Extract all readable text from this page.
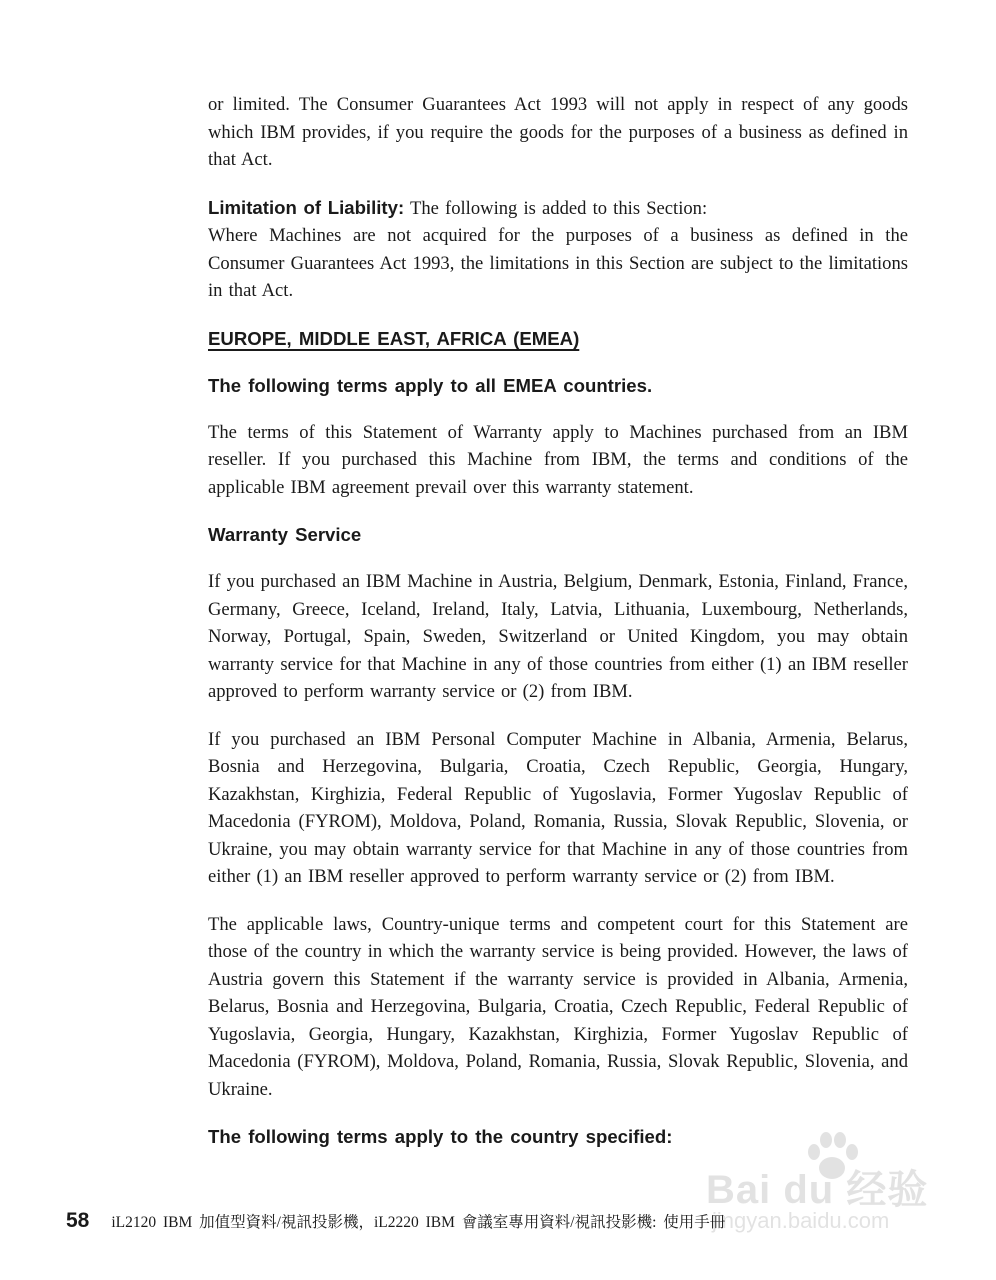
or limited. The Consumer Guarantees Act 1993 will not apply in respect of any goods which IBM provides, if you require the goods for the purposes of a business as defined in that Act.

Limitation of Liability: The following is added to this Section:

Where Machines are not acquired for the purposes of a business as defined in the Consumer Guarantees Act 1993, the limitations in this Section are subject to the limitations in that Act.

EUROPE, MIDDLE EAST, AFRICA (EMEA)

The following terms apply to all EMEA countries.

The terms of this Statement of Warranty apply to Machines purchased from an IBM reseller. If you purchased this Machine from IBM, the terms and conditions of the applicable IBM agreement prevail over this warranty statement.

Warranty Service

If you purchased an IBM Machine in Austria, Belgium, Denmark, Estonia, Finland, France, Germany, Greece, Iceland, Ireland, Italy, Latvia, Lithuania, Luxembourg, Netherlands, Norway, Portugal, Spain, Sweden, Switzerland or United Kingdom, you may obtain warranty service for that Machine in any of those countries from either (1) an IBM reseller approved to perform warranty service or (2) from IBM.

If you purchased an IBM Personal Computer Machine in Albania, Armenia, Belarus, Bosnia and Herzegovina, Bulgaria, Croatia, Czech Republic, Georgia, Hungary, Kazakhstan, Kirghizia, Federal Republic of Yugoslavia, Former Yugoslav Republic of Macedonia (FYROM), Moldova, Poland, Romania, Russia, Slovak Republic, Slovenia, or Ukraine, you may obtain warranty service for that Machine in any of those countries from either (1) an IBM reseller approved to perform warranty service or (2) from IBM.

The applicable laws, Country-unique terms and competent court for this Statement are those of the country in which the warranty service is being provided. However, the laws of Austria govern this Statement if the warranty service is provided in Albania, Armenia, Belarus, Bosnia and Herzegovina, Bulgaria, Croatia, Czech Republic, Federal Republic of Yugoslavia, Georgia, Hungary, Kazakhstan, Kirghizia, Former Yugoslav Republic of Macedonia (FYROM), Moldova, Poland, Romania, Russia, Slovak Republic, Slovenia, and Ukraine.

The following terms apply to the country specified:

58 iL2120 IBM 加值型資料/視訊投影機，iL2220 IBM 會議室專用資料/視訊投影機: 使用手冊
Bai du 经验
jingyan.baidu.com
